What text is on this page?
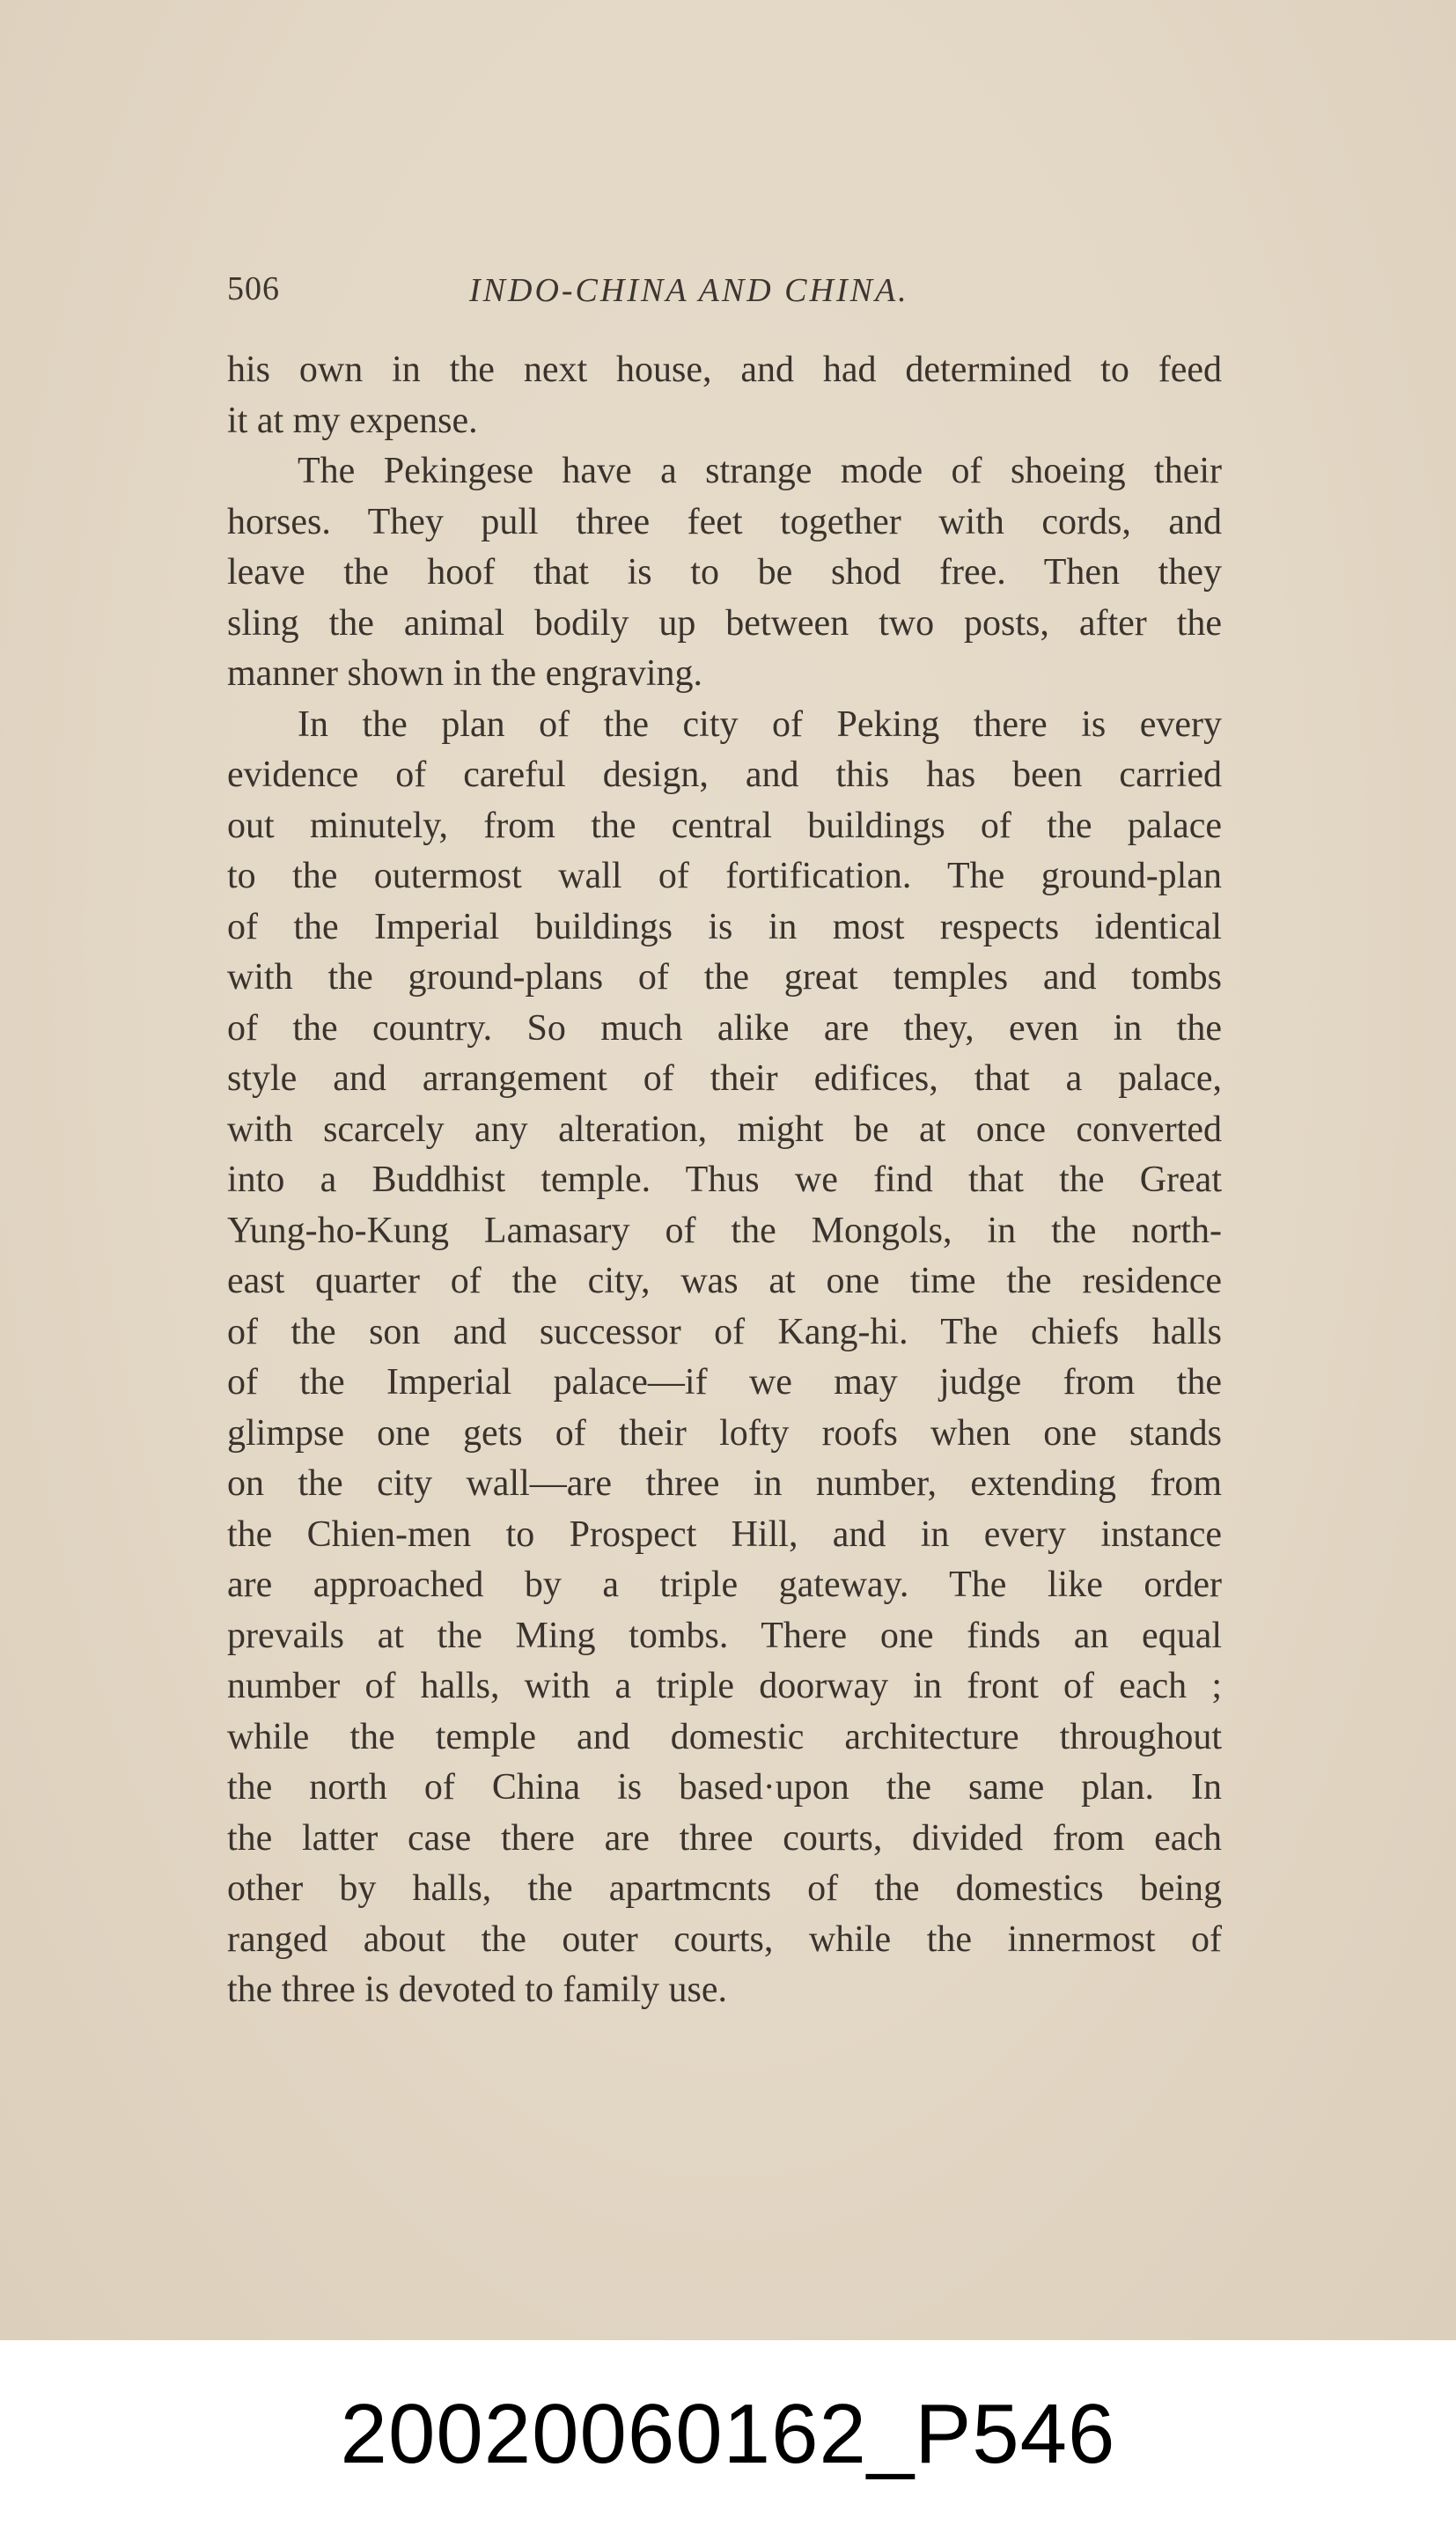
506	INDO-CHINA AND CHINA.
his own in the next house, and had determined to feed
it at my expense.
The Pekingese have a strange mode of shoeing their
horses. They pull three feet together with cords, and
leave the hoof that is to be shod free. Then they
sling the animal bodily up between two posts, after the
manner shown in the engraving.
In the plan of the city of Peking there is every
evidence of careful design, and this has been carried
out minutely, from the central buildings of the palace
to the outermost wall of fortification. The ground-plan
of the Imperial buildings is in most respects identical
with the ground-plans of the great temples and tombs
of the country. So much alike are they, even in the
style and arrangement of their edifices, that a palace,
with scarcely any alteration, might be at once converted
into a Buddhist temple. Thus we find that the Great
Yung-ho-Kung Lamasary of the Mongols, in the north-
east quarter of the city, was at one time the residence
of the son and successor of Kang-hi. The chiefs halls
of the Imperial palace—if we may judge from the
glimpse one gets of their lofty roofs when one stands
on the city wall—are three in number, extending from
the Chien-men to Prospect Hill, and in every instance
are approached by a triple gateway. The like order
prevails at the Ming tombs. There one finds an equal
number of halls, with a triple doorway in front of each ;
while the temple and domestic architecture throughout
the north of China is based·upon the same plan. In
the latter case there are three courts, divided from each
other by halls, the apartmcnts of the domestics being
ranged about the outer courts, while the innermost of
the three is devoted to family use.
20020060162_P546
